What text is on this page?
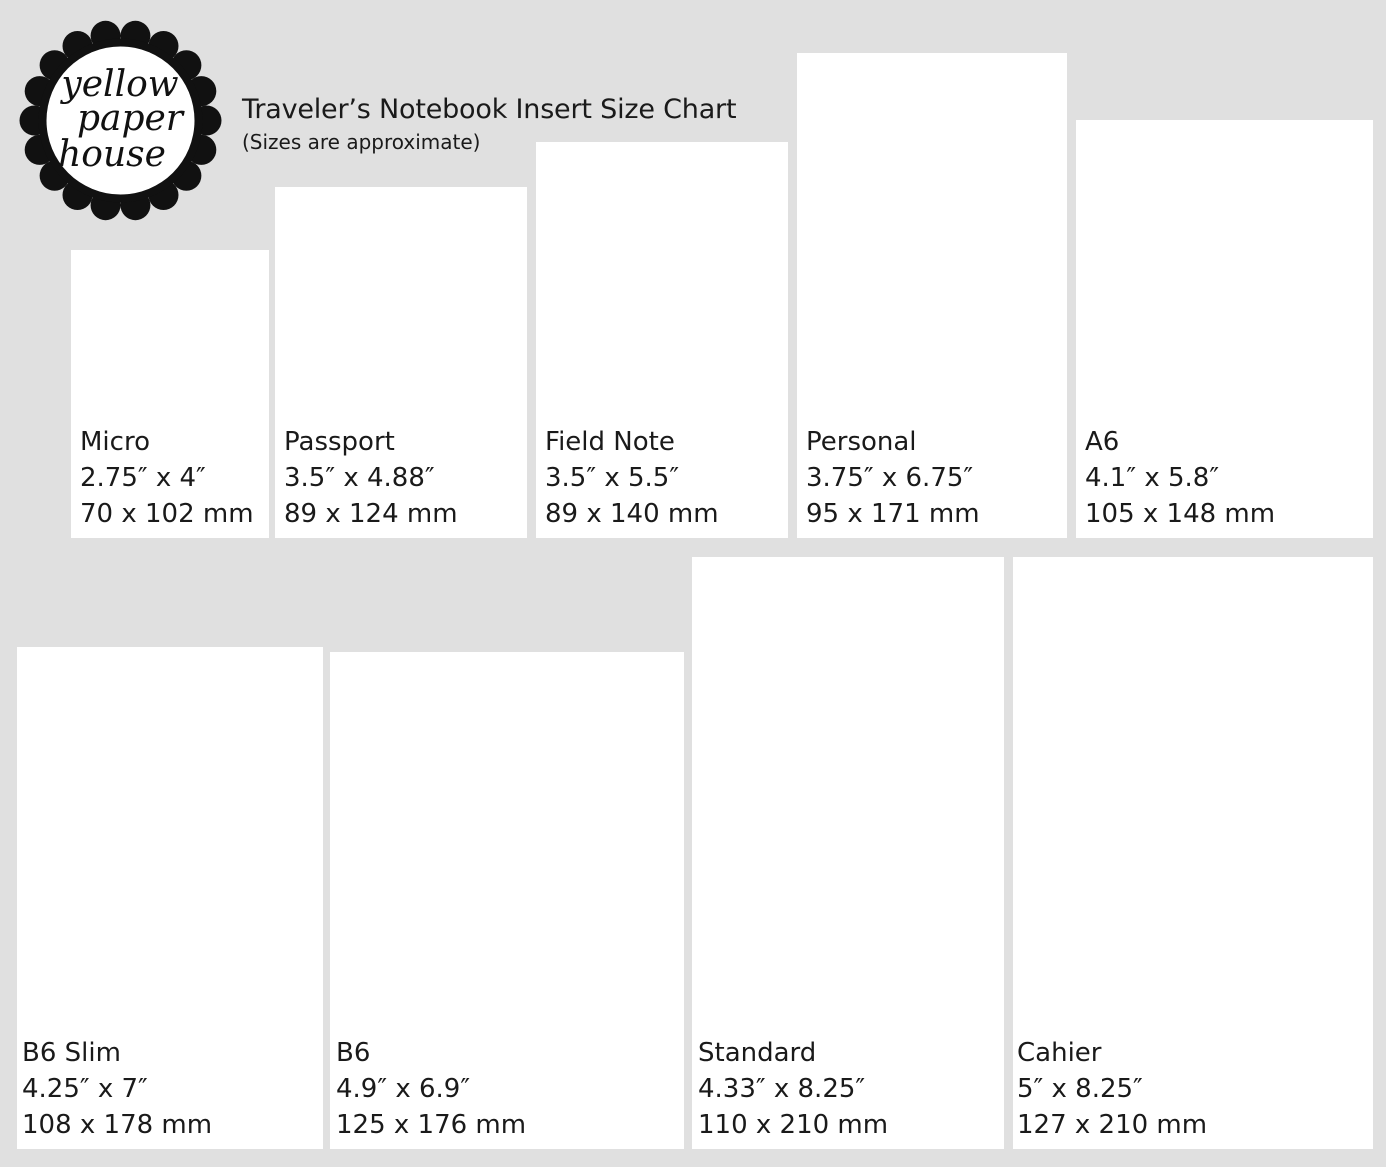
yellow
paper
house
Traveler’s Notebook Insert Size Chart
(Sizes are approximate)
Micro
2.75″ x 4″
70 x 102 mm
Passport
3.5″ x 4.88″
89 x 124 mm
Field Note
3.5″ x 5.5″
89 x 140 mm
Personal
3.75″ x 6.75″
95 x 171 mm
A6
4.1″ x 5.8″
105 x 148 mm
B6 Slim
4.25″ x 7″
108 x 178 mm
B6
4.9″ x 6.9″
125 x 176 mm
Standard
4.33″ x 8.25″
110 x 210 mm
Cahier
5″ x 8.25″
127 x 210 mm
